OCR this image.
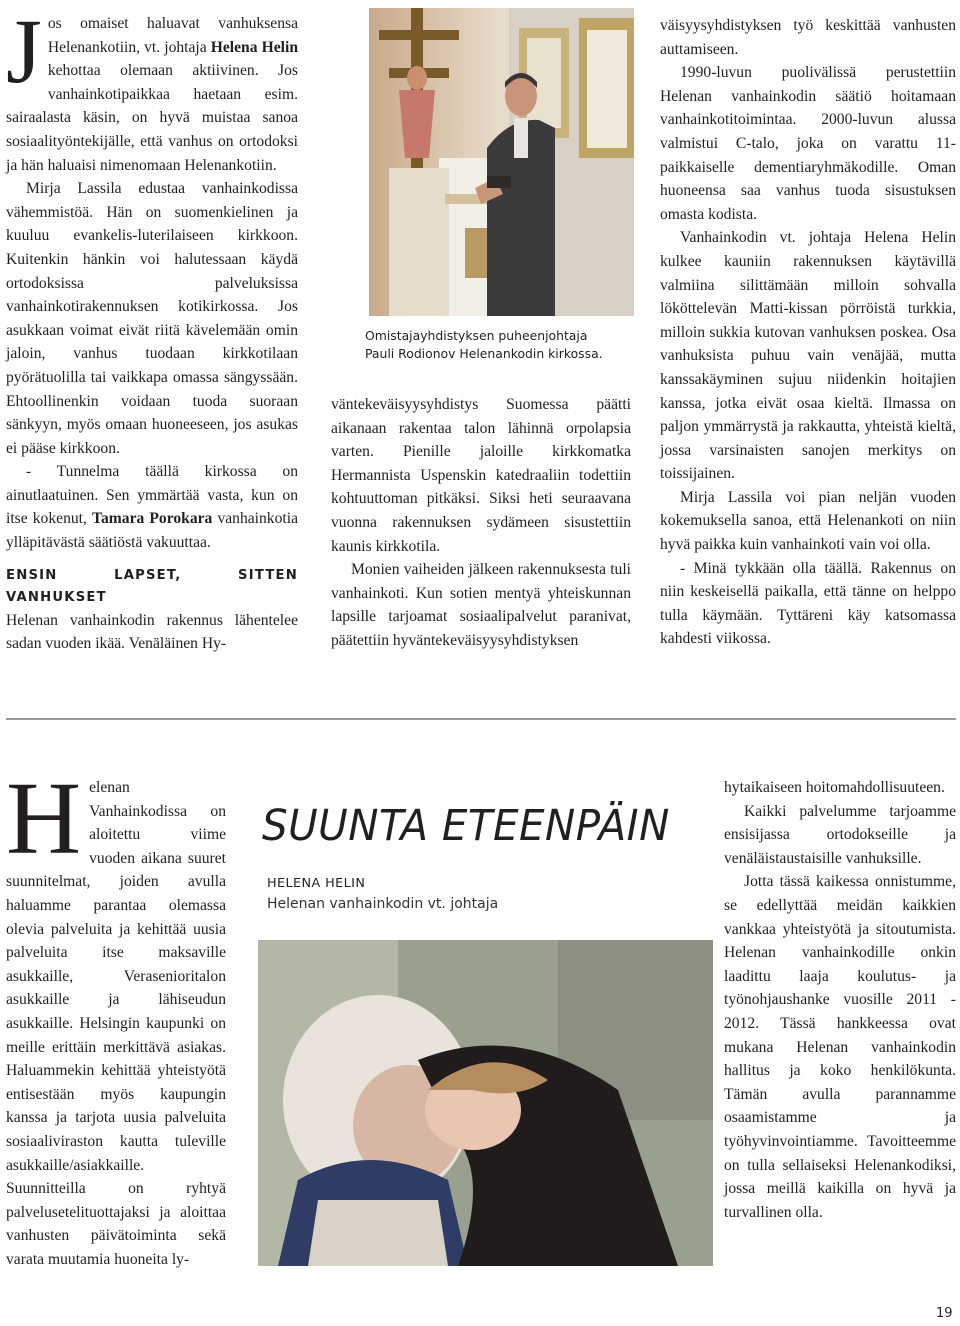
Jos omaiset haluavat vanhuksensa Helenankotiin, vt. johtaja Helena Helin kehottaa olemaan aktiivinen. Jos vanhainkotipaikkaa haetaan esim. sairaalasta käsin, on hyvä muistaa sanoa sosiaalityöntekijälle, että vanhus on ortodoksi ja hän haluaisi nimenomaan Helenankotiin.

Mirja Lassila edustaa vanhainkodissa vähemmistöä. Hän on suomenkielinen ja kuuluu evankelis-luterilaiseen kirkkoon. Kuitenkin hänkin voi halutessaan käydä ortodoksissa palveluksissa vanhainkotirakennuksen kotikirkossa. Jos asukkaan voimat eivät riitä kävelemään omin jaloin, vanhus tuodaan kirkkotilaan pyörätuolilla tai vaikkapa omassa sängyssään. Ehtoollinenkin voidaan tuoda suoraan sänkyyn, myös omaan huoneeseen, jos asukas ei pääse kirkkoon.

- Tunnelma täällä kirkossa on ainutlaatuinen. Sen ymmärtää vasta, kun on itse kokenut, Tamara Porokara vanhainkotia ylläpitävästä säätiöstä vakuuttaa.

ENSIN LAPSET, SITTEN VANHUKSET

Helenan vanhainkodin rakennus lähentelee sadan vuoden ikää. Venäläinen Hy-

Omistajayhdistyksen puheenjohtaja
Pauli Rodionov Helenankodin kirkossa.

väntekeväisyysyhdistys Suomessa päätti aikanaan rakentaa talon lähinnä orpolapsia varten. Pienille jaloille kirkkomatka Hermannista Uspenskin katedraaliin todettiin kohtuuttoman pitkäksi. Siksi heti seuraavana vuonna rakennuksen sydämeen sisustettiin kaunis kirkkotila.

Monien vaiheiden jälkeen rakennuksesta tuli vanhainkoti. Kun sotien mentyä yhteiskunnan lapsille tarjoamat sosiaalipalvelut paranivat, päätettiin hyväntekeväisyysyhdistyksen

väisyysyhdistyksen työ keskittää vanhusten auttamiseen.

1990-luvun puolivälissä perustettiin Helenan vanhainkodin säätiö hoitamaan vanhainkotitoimintaa. 2000-luvun alussa valmistui C-talo, joka on varattu 11-paikkaiselle dementiaryhmäkodille. Oman huoneensa saa vanhus tuoda sisustuksen omasta kodista.

Vanhainkodin vt. johtaja Helena Helin kulkee kauniin rakennuksen käytävillä valmiina silittämään milloin sohvalla lököttelevän Matti-kissan pörröistä turkkia, milloin sukkia kutovan vanhuksen poskea. Osa vanhuksista puhuu vain venäjää, mutta kanssakäyminen sujuu niidenkin hoitajien kanssa, jotka eivät osaa kieltä. Ilmassa on paljon ymmärrystä ja rakkautta, yhteistä kieltä, jossa varsinaisten sanojen merkitys on toissijainen.

Mirja Lassila voi pian neljän vuoden kokemuksella sanoa, että Helenankoti on niin hyvä paikka kuin vanhainkoti vain voi olla.

- Minä tykkään olla täällä. Rakennus on niin keskeisellä paikalla, että tänne on helppo tulla käymään. Tyttäreni käy katsomassa kahdesti viikossa.

Helenan Vanhainkodissa on aloitettu viime vuoden aikana suuret suunnitelmat, joiden avulla haluamme parantaa olemassa olevia palveluita ja kehittää uusia palveluita itse maksaville asukkaille, Verasenioritalon asukkaille ja lähiseudun asukkaille. Helsingin kaupunki on meille erittäin merkittävä asiakas. Haluammekin kehittää yhteistyötä entisestään myös kaupungin kanssa ja tarjota uusia palveluita sosiaaliviraston kautta tuleville asukkaille/asiakkaille. Suunnitteilla on ryhtyä palvelusetelituottajaksi ja aloittaa vanhusten päivätoiminta sekä varata muutamia huoneita ly-

SUUNTA ETEENPÄIN
HELENA HELIN
Helenan vanhainkodin vt. johtaja

hytaikaiseen hoitomahdollisuuteen.

Kaikki palvelumme tarjoamme ensisijassa ortodokseille ja venäläistaustaisille vanhuksille.

Jotta tässä kaikessa onnistumme, se edellyttää meidän kaikkien vankkaa yhteistyötä ja sitoutumista. Helenan vanhainkodille onkin laadittu laaja koulutus- ja työnohjaushanke vuosille 2011 - 2012. Tässä hankkeessa ovat mukana Helenan vanhainkodin hallitus ja koko henkilökunta. Tämän avulla parannamme osaamistamme ja työhyvinvointiamme. Tavoitteemme on tulla sellaiseksi Helenankodiksi, jossa meillä kaikilla on hyvä ja turvallinen olla.

19
